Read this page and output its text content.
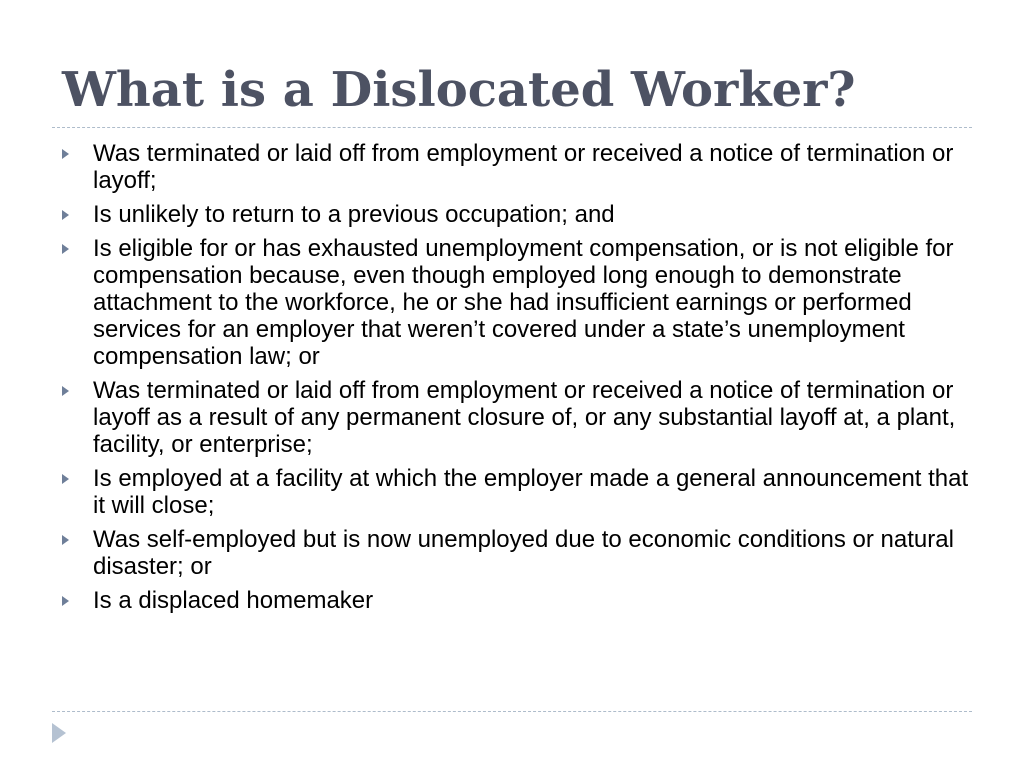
What is a Dislocated Worker?
Was terminated or laid off from employment or received a notice of termination or layoff;
Is unlikely to return to a previous occupation; and
Is eligible for or has exhausted unemployment compensation, or is not eligible for compensation because, even though employed long enough to demonstrate attachment to the workforce, he or she had insufficient earnings or performed services for an employer that weren’t covered under a state’s unemployment compensation law; or
Was terminated or laid off from employment or received a notice of termination or layoff as a result of any permanent closure of, or any substantial layoff at, a plant, facility, or enterprise;
Is employed at a facility at which the employer made a general announcement that it will close;
Was self-employed but is now unemployed due to economic conditions or natural disaster; or
Is a displaced homemaker
